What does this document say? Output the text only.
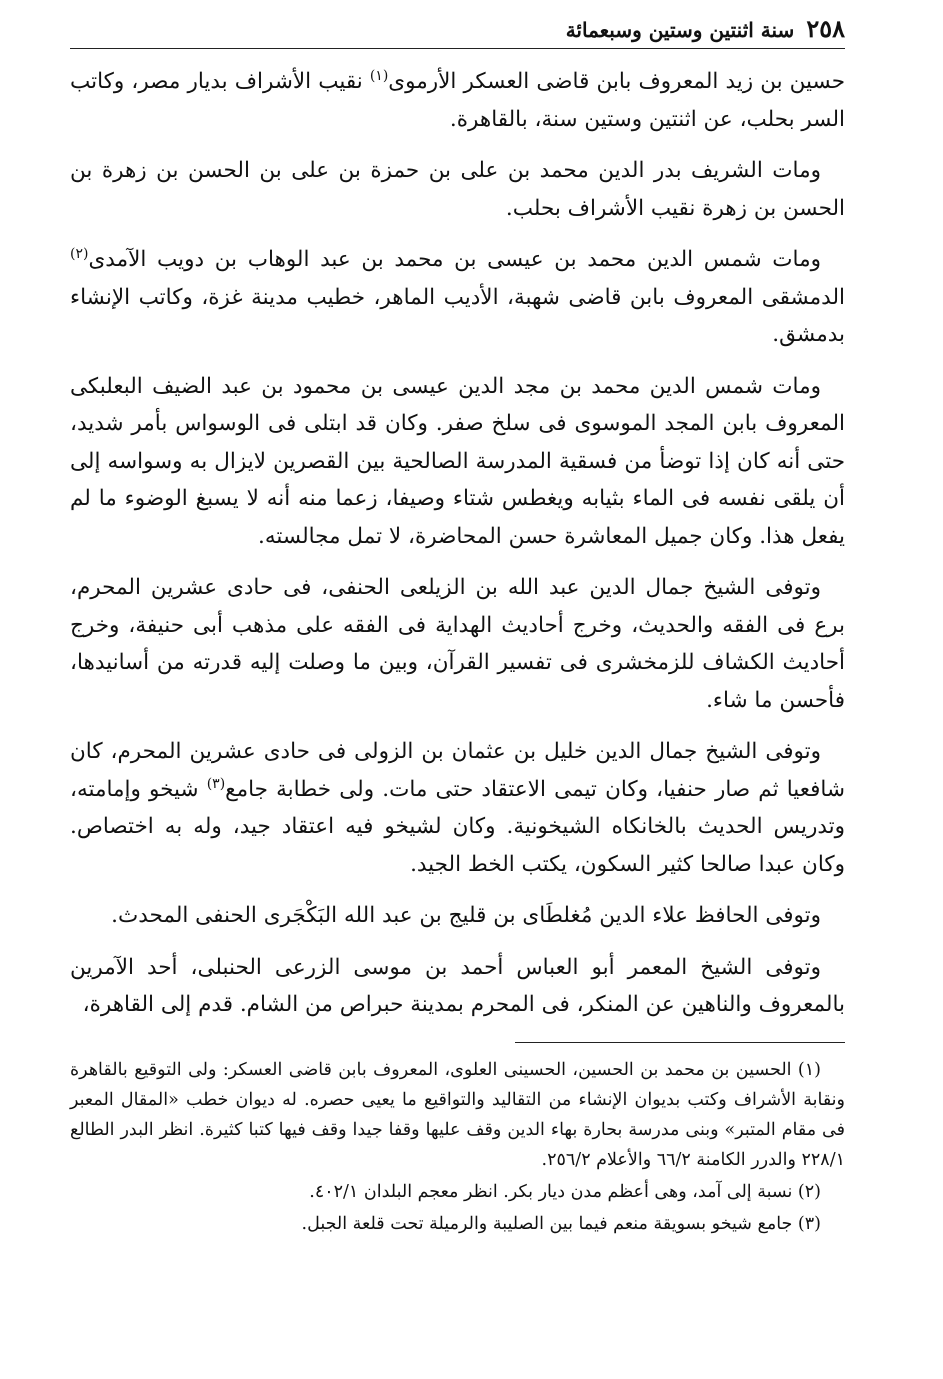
٢٥٨
سنة اثنتين وستين وسبعمائة

حسين بن زيد المعروف بابن قاضى العسكر الأرموى$^{(١)}$ نقيب الأشراف بديار مصر، وكاتب السر بحلب، عن اثنتين وستين سنة، بالقاهرة.

ومات الشريف بدر الدين محمد بن على بن حمزة بن على بن الحسن بن زهرة بن الحسن بن زهرة نقيب الأشراف بحلب.

ومات شمس الدين محمد بن عيسى بن محمد بن عبد الوهاب بن دويب الآمدى$^{(٢)}$ الدمشقى المعروف بابن قاضى شهبة، الأديب الماهر، خطيب مدينة غزة، وكاتب الإنشاء بدمشق.

ومات شمس الدين محمد بن مجد الدين عيسى بن محمود بن عبد الضيف البعلبكى المعروف بابن المجد الموسوى فى سلخ صفر. وكان قد ابتلى فى الوسواس بأمر شديد، حتى أنه كان إذا توضأ من فسقية المدرسة الصالحية بين القصرين لايزال به وسواسه إلى أن يلقى نفسه فى الماء بثيابه ويغطس شتاء وصيفا، زعما منه أنه لا يسبغ الوضوء ما لم يفعل هذا. وكان جميل المعاشرة حسن المحاضرة، لا تمل مجالسته.

وتوفى الشيخ جمال الدين عبد الله بن الزيلعى الحنفى، فى حادى عشرين المحرم، برع فى الفقه والحديث، وخرج أحاديث الهداية فى الفقه على مذهب أبى حنيفة، وخرج أحاديث الكشاف للزمخشرى فى تفسير القرآن، وبين ما وصلت إليه قدرته من أسانيدها، فأحسن ما شاء.

وتوفى الشيخ جمال الدين خليل بن عثمان بن الزولى فى حادى عشرين المحرم، كان شافعيا ثم صار حنفيا، وكان تيمى الاعتقاد حتى مات. ولى خطابة جامع$^{(٣)}$ شيخو وإمامته، وتدريس الحديث بالخانكاه الشيخونية. وكان لشيخو فيه اعتقاد جيد، وله به اختصاص. وكان عبدا صالحا كثير السكون، يكتب الخط الجيد.

وتوفى الحافظ علاء الدين مُغلطَاى بن قليج بن عبد الله البَكْجَرى الحنفى المحدث.

وتوفى الشيخ المعمر أبو العباس أحمد بن موسى الزرعى الحنبلى، أحد الآمرين بالمعروف والناهين عن المنكر، فى المحرم بمدينة حبراص من الشام. قدم إلى القاهرة،

(١) الحسين بن محمد بن الحسين، الحسينى العلوى، المعروف بابن قاضى العسكر: ولى التوقيع بالقاهرة ونقابة الأشراف وكتب بديوان الإنشاء من التقاليد والتواقيع ما يعيى حصره. له ديوان خطب «المقال المعبر فى مقام المتبر» وبنى مدرسة بحارة بهاء الدين وقف عليها وقفا جيدا وقف فيها كتبا كثيرة. انظر البدر الطالع ٢٢٨/١ والدرر الكامنة ٦٦/٢ والأعلام ٢٥٦/٢.

(٢) نسبة إلى آمد، وهى أعظم مدن ديار بكر. انظر معجم البلدان ٤٠٢/١.

(٣) جامع شيخو بسويقة منعم فيما بين الصليبة والرميلة تحت قلعة الجبل.
